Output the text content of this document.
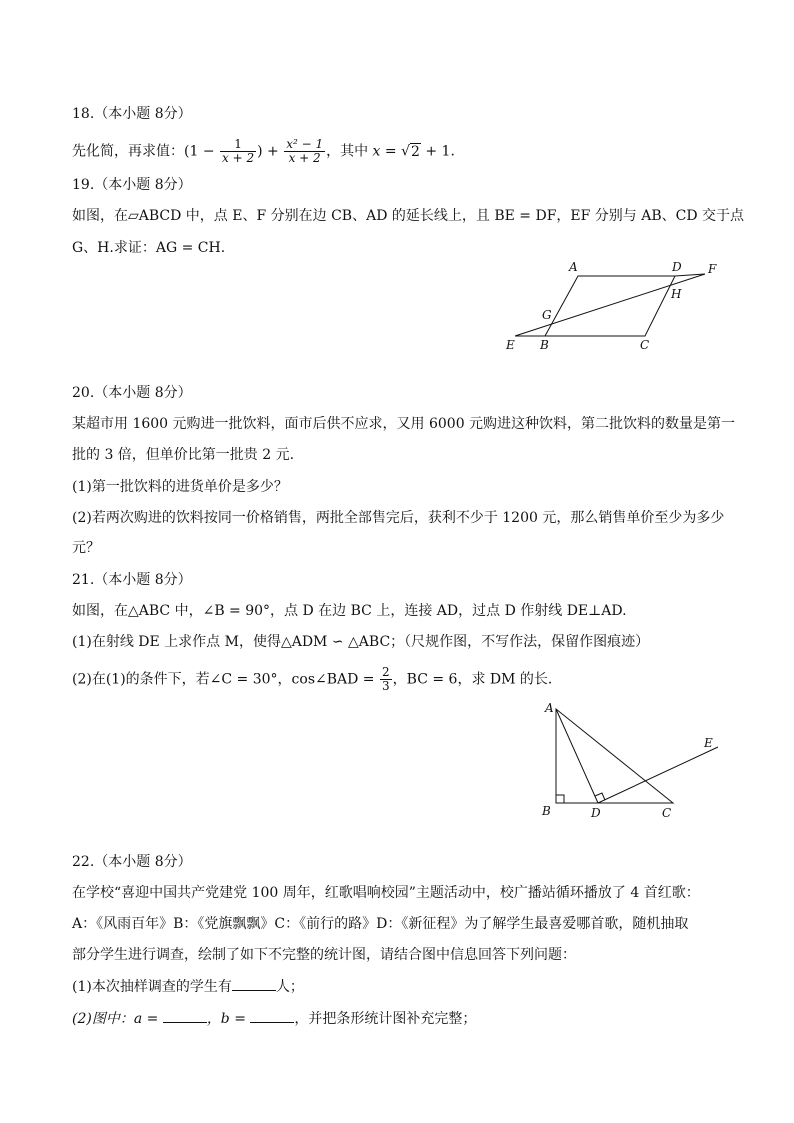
18.（本小题 8分）
先化简，再求值：($1 - \frac{1}{x + 2}$ ) + $\frac{\text{x² − 1}}{x + 2}$ ，其中 x = √2 + 1.
19.（本小题 8分）
如图，在▱ABCD 中，点 E、F 分别在边 CB、AD 的延长线上，且 BE = DF，EF 分别与 AB、CD 交于点
G、H.求证：AG = CH.
A	D F
H
G
E B	C
20.（本小题 8分）
某超市用 1600 元购进一批饮料，面市后供不应求，又用 6000 元购进这种饮料，第二批饮料的数量是第一
批的 3 倍，但单价比第一批贵 2 元.
(1)第一批饮料的进货单价是多少？
(2)若两次购进的饮料按同一价格销售，两批全部售完后，获利不少于 1200 元，那么销售单价至少为多少
元？
21.（本小题 8分）
如图，在△ABC 中，∠B = 90°，点 D 在边 BC 上，连接 AD，过点 D 作射线 DE⊥AD.
(1)在射线 DE 上求作点 M，使得△ADM ∽ △ABC；（尺规作图，不写作法，保留作图痕迹）
(2)在(1)的条件下，若∠C = 30°，cos∠BAD = $\frac{2}{3}$ ，BC = 6，求 DM 的长.
A
E
B	D	C
22.（本小题 8分）
在学校“喜迎中国共产党建党 100 周年，红歌唱响校园”主题活动中，校广播站循环播放了 4 首红歌：
A：《风雨百年》B：《党旗飘飘》C：《前行的路》D：《新征程》为了解学生最喜爱哪首歌，随机抽取
部分学生进行调查，绘制了如下不完整的统计图，请结合图中信息回答下列问题：
(1)本次抽样调查的学生有	人；
(2)图中：a =	，b =	，并把条形统计图补充完整；
